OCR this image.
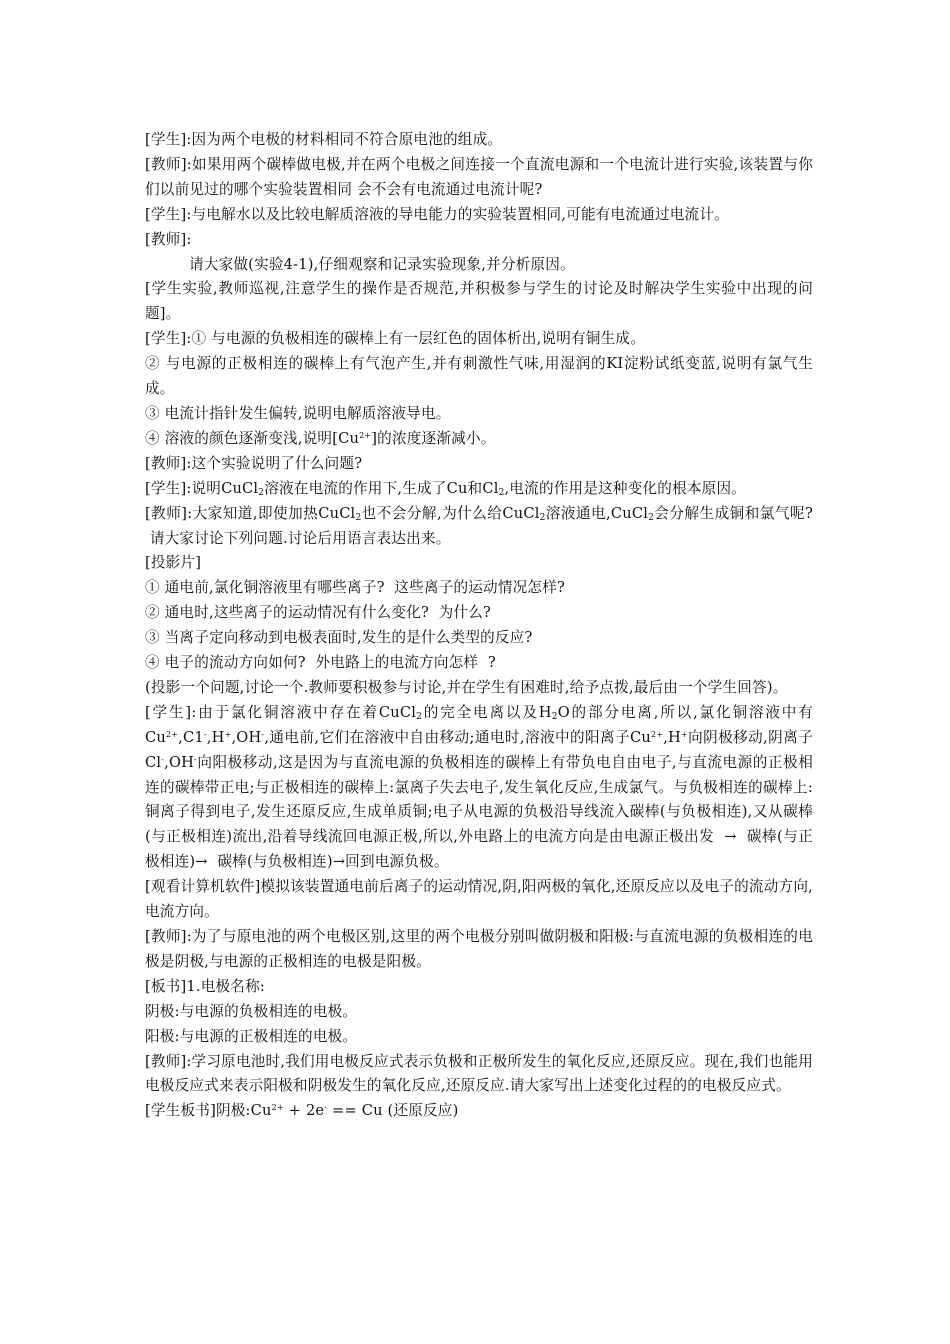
[学生]:因为两个电极的材料相同不符合原电池的组成。

[教师]:如果用两个碳棒做电极,并在两个电极之间连接一个直流电源和一个电流计进行实验,该装置与你们以前见过的哪个实验装置相同 会不会有电流通过电流计呢?

[学生]:与电解水以及比较电解质溶液的导电能力的实验装置相同,可能有电流通过电流计。

[教师]:

请大家做(实验4-1),仔细观察和记录实验现象,并分析原因。

[学生实验,教师巡视,注意学生的操作是否规范,并积极参与学生的讨论及时解决学生实验中出现的问题]。

[学生]:① 与电源的负极相连的碳棒上有一层红色的固体析出,说明有铜生成。

② 与电源的正极相连的碳棒上有气泡产生,并有刺激性气味,用湿润的KI淀粉试纸变蓝,说明有氯气生成。

③ 电流计指针发生偏转,说明电解质溶液导电。

④ 溶液的颜色逐渐变浅,说明$[Cu^{2+}]$的浓度逐渐减小。

[教师]:这个实验说明了什么问题?

[学生]:说明CuCl$_2$溶液在电流的作用下,生成了Cu和$Cl_2$,电流的作用是这种变化的根本原因。

[教师]:大家知道,即使加热CuCl$_2$也不会分解,为什么给CuCl$_2$溶液通电,CuCl$_2$会分解生成铜和氯气呢?  请大家讨论下列问题.讨论后用语言表达出来。

[投影片]

① 通电前,氯化铜溶液里有哪些离子?  这些离子的运动情况怎样?

② 通电时,这些离子的运动情况有什么变化?  为什么?

③ 当离子定向移动到电极表面时,发生的是什么类型的反应?

④ 电子的流动方向如何?  外电路上的电流方向怎样  ?

(投影一个问题,讨论一个.教师要积极参与讨论,并在学生有困难时,给予点拨,最后由一个学生回答)。

[学生]:由于氯化铜溶液中存在着CuCl$_2$的完全电离以及$H_2O$的部分电离,所以,氯化铜溶液中有$Cu^{2+},C1^-,H^+,OH^-$,通电前,它们在溶液中自由移动;通电时,溶液中的阳离子$Cu^{2+},H^+$向阴极移动,阴离子Cl-,OH-向阳极移动,这是因为与直流电源的负极相连的碳棒上有带负电自由电子,与直流电源的正极相连的碳棒带正电;与正极相连的碳棒上:氯离子失去电子,发生氧化反应,生成氯气。与负极相连的碳棒上:铜离子得到电子,发生还原反应,生成单质铜;电子从电源的负极沿导线流入碳棒(与负极相连),又从碳棒(与正极相连)流出,沿着导线流回电源正极,所以,外电路上的电流方向是由电源正极出发  →  碳棒(与正极相连)→  碳棒(与负极相连)→回到电源负极。

[观看计算机软件]模拟该装置通电前后离子的运动情况,阴,阳两极的氧化,还原反应以及电子的流动方向,电流方向。

[教师]:为了与原电池的两个电极区别,这里的两个电极分别叫做阴极和阳极:与直流电源的负极相连的电极是阴极,与电源的正极相连的电极是阳极。

[板书]1.电极名称:

阴极:与电源的负极相连的电极。

阳极:与电源的正极相连的电极。

[教师]:学习原电池时,我们用电极反应式表示负极和正极所发生的氧化反应,还原反应。现在,我们也能用电极反应式来表示阳极和阴极发生的氧化反应,还原反应.请大家写出上述变化过程的的电极反应式。

[学生板书]阴极$:Cu^{2+} + 2e^- == Cu$ (还原反应)
